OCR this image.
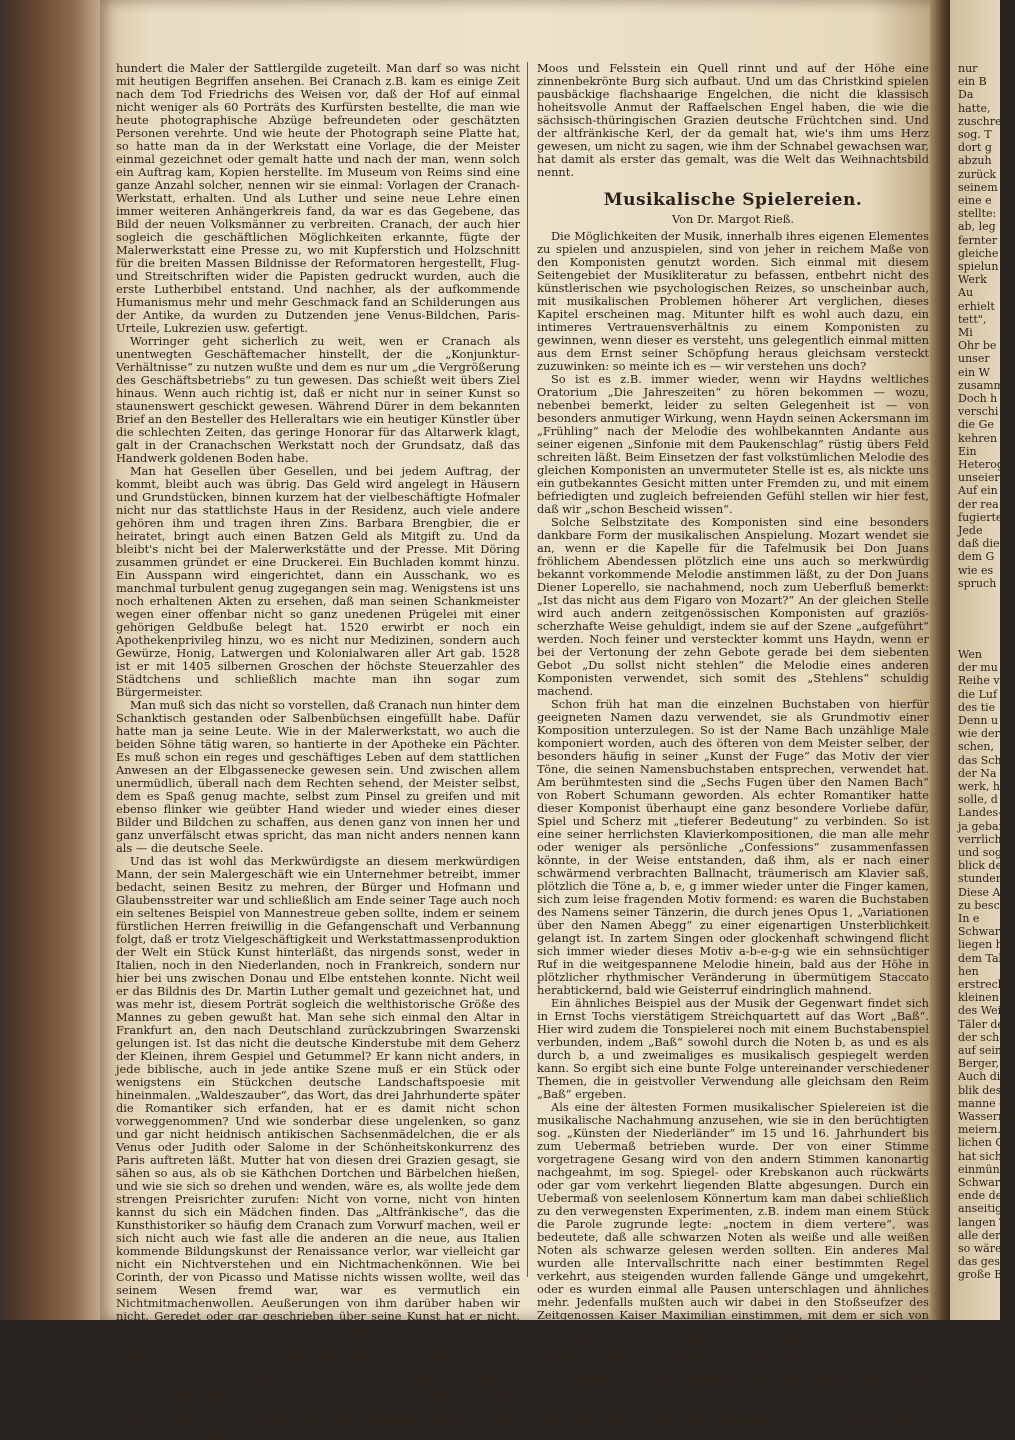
nur
ein B
Da
hatte,
zuschre
sog. T
dort g
abzuh
zurück
seinem
eine e
stellte:
ab, leg
fernter
gleiche
spielun
Werk
Au
erhielt
tett",
Mi
Ohr be
unser
ein W
zusamm
Doch h
verschi
die Ge
kehren
Ein
Heterog
unseier
Auf ein
der rea
fugierte
Jede
daß die
dem G
wie es
spruch
Wen
der mu
Reihe v
die Luf
des tie
Denn u
wie der
schen,
das Sch
der Na
werk, h
solle, d
Landes-
ja gebar
verrlich
und sog
blick de
stunden
Diese A
zu besch
In e
Schwarz
liegen h
dem Tal
hen
erstreckt
kleinen
des Wei
Täler de
der schon
auf sein
Berger,
Auch die
blik des
manne d
Wassermu
meiern.
lichen C
hat sich
einmünde
Schwarz
ende des
anseitig,
langen T
alle der
so wäre
das gespe
große Ein

hundert die Maler der Sattlergilde zugeteilt. Man darf so was nicht mit heutigen Begriffen ansehen. Bei Cranach z.B. kam es einige Zeit nach dem Tod Friedrichs des Weisen vor, daß der Hof auf einmal nicht weniger als 60 Porträts des Kurfürsten bestellte, die man wie heute photographische Abzüge befreundeten oder geschätzten Personen verehrte. Und wie heute der Photograph seine Platte hat, so hatte man da in der Werkstatt eine Vorlage, die der Meister einmal gezeichnet oder gemalt hatte und nach der man, wenn solch ein Auftrag kam, Kopien herstellte. Im Museum von Reims sind eine ganze Anzahl solcher, nennen wir sie einmal: Vorlagen der Cranach-Werkstatt, erhalten. Und als Luther und seine neue Lehre einen immer weiteren Anhängerkreis fand, da war es das Gegebene, das Bild der neuen Volksmänner zu verbreiten. Cranach, der auch hier sogleich die geschäftlichen Möglichkeiten erkannte, fügte der Malerwerkstatt eine Presse zu, wo mit Kupferstich und Holzschnitt für die breiten Massen Bildnisse der Reformatoren hergestellt, Flug- und Streitschriften wider die Papisten gedruckt wurden, auch die erste Lutherbibel entstand. Und nachher, als der aufkommende Humanismus mehr und mehr Geschmack fand an Schilderungen aus der Antike, da wurden zu Dutzenden jene Venus-Bildchen, Paris-Urteile, Lukrezien usw. gefertigt.

Worringer geht sicherlich zu weit, wen er Cranach als unentwegten Geschäftemacher hinstellt, der die „Konjunktur-Verhältnisse“ zu nutzen wußte und dem es nur um „die Vergrößerung des Geschäftsbetriebs“ zu tun gewesen. Das schießt weit übers Ziel hinaus. Wenn auch richtig ist, daß er nicht nur in seiner Kunst so staunenswert geschickt gewesen. Während Dürer in dem bekannten Brief an den Besteller des Helleraltars wie ein heutiger Künstler über die schlechten Zeiten, das geringe Honorar für das Altarwerk klagt, galt in der Cranachschen Werkstatt noch der Grundsatz, daß das Handwerk goldenen Boden habe.

Man hat Gesellen über Gesellen, und bei jedem Auftrag, der kommt, bleibt auch was übrig. Das Geld wird angelegt in Häusern und Grundstücken, binnen kurzem hat der vielbeschäftigte Hofmaler nicht nur das stattlichste Haus in der Residenz, auch viele andere gehören ihm und tragen ihren Zins. Barbara Brengbier, die er heiratet, bringt auch einen Batzen Geld als Mitgift zu. Und da bleibt's nicht bei der Malerwerkstätte und der Presse. Mit Döring zusammen gründet er eine Druckerei. Ein Buchladen kommt hinzu. Ein Ausspann wird eingerichtet, dann ein Ausschank, wo es manchmal turbulent genug zugegangen sein mag. Wenigstens ist uns noch erhaltenen Akten zu ersehen, daß man seinen Schankmeister wegen einer offenbar nicht so ganz unedenen Prügelei mit einer gehörigen Geldbuße belegt hat. 1520 erwirbt er noch ein Apothekenprivileg hinzu, wo es nicht nur Medizinen, sondern auch Gewürze, Honig, Latwergen und Kolonialwaren aller Art gab. 1528 ist er mit 1405 silbernen Groschen der höchste Steuerzahler des Städtchens und schließlich machte man ihn sogar zum Bürgermeister.

Man muß sich das nicht so vorstellen, daß Cranach nun hinter dem Schanktisch gestanden oder Salbenbüchsen eingefüllt habe. Dafür hatte man ja seine Leute. Wie in der Malerwerkstatt, wo auch die beiden Söhne tätig waren, so hantierte in der Apotheke ein Pächter. Es muß schon ein reges und geschäftiges Leben auf dem stattlichen Anwesen an der Elbgassenecke gewesen sein. Und zwischen allem unermüdlich, überall nach dem Rechten sehend, der Meister selbst, dem es Spaß genug machte, selbst zum Pinsel zu greifen und mit ebenso flinker wie geübter Hand wieder und wieder eines dieser Bilder und Bildchen zu schaffen, aus denen ganz von innen her und ganz unverfälscht etwas spricht, das man nicht anders nennen kann als — die deutsche Seele.

Und das ist wohl das Merkwürdigste an diesem merkwürdigen Mann, der sein Malergeschäft wie ein Unternehmer betreibt, immer bedacht, seinen Besitz zu mehren, der Bürger und Hofmann und Glaubensstreiter war und schließlich am Ende seiner Tage auch noch ein seltenes Beispiel von Mannestreue geben sollte, indem er seinem fürstlichen Herren freiwillig in die Gefangenschaft und Verbannung folgt, daß er trotz Vielgeschäftigkeit und Werkstattmassenproduktion der Welt ein Stück Kunst hinterläßt, das nirgends sonst, weder in Italien, noch in den Niederlanden, noch in Frankreich, sondern nur hier bei uns zwischen Donau und Elbe entstehen konnte. Nicht weil er das Bildnis des Dr. Martin Luther gemalt und gezeichnet hat, und was mehr ist, diesem Porträt sogleich die welthistorische Größe des Mannes zu geben gewußt hat. Man sehe sich einmal den Altar in Frankfurt an, den nach Deutschland zurückzubringen Swarzenski gelungen ist. Ist das nicht die deutsche Kinderstube mit dem Geherz der Kleinen, ihrem Gespiel und Getummel? Er kann nicht anders, in jede biblische, auch in jede antike Szene muß er ein Stück oder wenigstens ein Stückchen deutsche Landschaftspoesie mit hineinmalen. „Waldeszauber“, das Wort, das drei Jahrhunderte später die Romantiker sich erfanden, hat er es damit nicht schon vorweggenommen? Und wie sonderbar diese ungelenken, so ganz und gar nicht heidnisch antikischen Sachsenmädelchen, die er als Venus oder Judith oder Salome in der Schönheitskonkurrenz des Paris auftreten läßt. Mutter hat von diesen drei Grazien gesagt, sie sähen so aus, als ob sie Käthchen Dortchen und Bärbelchen hießen, und wie sie sich so drehen und wenden, wäre es, als wollte jede dem strengen Preisrichter zurufen: Nicht von vorne, nicht von hinten kannst du sich ein Mädchen finden. Das „Altfränkische“, das die Kunsthistoriker so häufig dem Cranach zum Vorwurf machen, weil er sich nicht auch wie fast alle die anderen an die neue, aus Italien kommende Bildungskunst der Renaissance verlor, war vielleicht gar nicht ein Nichtverstehen und ein Nichtmachenkönnen. Wie bei Corinth, der von Picasso und Matisse nichts wissen wollte, weil das seinem Wesen fremd war, war es vermutlich ein Nichtmitmachenwollen. Aeußerungen von ihm darüber haben wir nicht. Geredet oder gar geschrieben über seine Kunst hat er nicht. Aber sieht man sein Werk, so will es einem scheinen, als ob er, der stattliche Mann, der so fest und sicher in seiner Welt drin stand, mitunter bei sich gedacht habe: „Mag sein, daß es etwas Großes ist um die Schönheit, die die Italiener jetzt wieder gefunden haben, aber für mich ist das nichts. Mich muß man schon so verbrauchen, wie ich nun mal gewachsen bin.“ Und dann hat er die mit dem hl. Joseph nach Aegypten fliehende Gottesmutter nicht im Wüstensand unter Palmen ruhen lassen, sondern unter einer Weihnachtstanne an einem Hang, wo zwischen

Moos und Felsstein ein Quell rinnt und auf der Höhe eine zinnenbekrönte Burg sich aufbaut. Und um das Christkind spielen pausbäckige flachshaarige Engelchen, die nicht die klassisch hoheitsvolle Anmut der Raffaelschen Engel haben, die wie die sächsisch-thüringischen Grazien deutsche Früchtchen sind. Und der altfränkische Kerl, der da gemalt hat, wie's ihm ums Herz gewesen, um nicht zu sagen, wie ihm der Schnabel gewachsen war, hat damit als erster das gemalt, was die Welt das Weihnachtsbild nennt.

Musikalische Spielereien.
Von Dr. Margot Rieß.

Die Möglichkeiten der Musik, innerhalb ihres eigenen Elementes zu spielen und anzuspielen, sind von jeher in reichem Maße von den Komponisten genutzt worden. Sich einmal mit diesem Seitengebiet der Musikliteratur zu befassen, entbehrt nicht des künstlerischen wie psychologischen Reizes, so unscheinbar auch, mit musikalischen Problemen höherer Art verglichen, dieses Kapitel erscheinen mag. Mitunter hilft es wohl auch dazu, ein intimeres Vertrauensverhältnis zu einem Komponisten zu gewinnen, wenn dieser es versteht, uns gelegentlich einmal mitten aus dem Ernst seiner Schöpfung heraus gleichsam versteckt zuzuwinken: so meinte ich es — wir verstehen uns doch?

So ist es z.B. immer wieder, wenn wir Haydns weltliches Oratorium „Die Jahreszeiten“ zu hören bekommen — wozu, nebenbei bemerkt, leider zu selten Gelegenheit ist — von besonders anmutiger Wirkung, wenn Haydn seinen Ackersmann im „Frühling“ nach der Melodie des wohlbekannten Andante aus seiner eigenen „Sinfonie mit dem Paukenschlag“ rüstig übers Feld schreiten läßt. Beim Einsetzen der fast volkstümlichen Melodie des gleichen Komponisten an unvermuteter Stelle ist es, als nickte uns ein gutbekanntes Gesicht mitten unter Fremden zu, und mit einem befriedigten und zugleich befreienden Gefühl stellen wir hier fest, daß wir „schon Bescheid wissen“.

Solche Selbstzitate des Komponisten sind eine besonders dankbare Form der musikalischen Anspielung. Mozart wendet sie an, wenn er die Kapelle für die Tafelmusik bei Don Juans fröhlichem Abendessen plötzlich eine uns auch so merkwürdig bekannt vorkommende Melodie anstimmen läßt, zu der Don Juans Diener Loperello, sie nachahmend, noch zum Ueberfluß bemerkt: „Ist das nicht aus dem Figaro von Mozart?“ An der gleichen Stelle wird auch andern zeitgenössischen Komponisten auf graziös-scherzhafte Weise gehuldigt, indem sie auf der Szene „aufgeführt“ werden. Noch feiner und versteckter kommt uns Haydn, wenn er bei der Vertonung der zehn Gebote gerade bei dem siebenten Gebot „Du sollst nicht stehlen“ die Melodie eines anderen Komponisten verwendet, sich somit des „Stehlens“ schuldig machend.

Schon früh hat man die einzelnen Buchstaben von hierfür geeigneten Namen dazu verwendet, sie als Grundmotiv einer Komposition unterzulegen. So ist der Name Bach unzählige Male komponiert worden, auch des öfteren von dem Meister selber, der besonders häufig in seiner „Kunst der Fuge“ das Motiv der vier Töne, die seinen Namensbuchstaben entsprechen, verwendet hat. Am berühmtesten sind die „Sechs Fugen über den Namen Bach“ von Robert Schumann geworden. Als echter Romantiker hatte dieser Komponist überhaupt eine ganz besondere Vorliebe dafür, Spiel und Scherz mit „tieferer Bedeutung“ zu verbinden. So ist eine seiner herrlichsten Klavierkompositionen, die man alle mehr oder weniger als persönliche „Confessions“ zusammenfassen könnte, in der Weise entstanden, daß ihm, als er nach einer schwärmend verbrachten Ballnacht, träumerisch am Klavier saß, plötzlich die Töne a, b, e, g immer wieder unter die Finger kamen, sich zum leise fragenden Motiv formend: es waren die Buchstaben des Namens seiner Tänzerin, die durch jenes Opus 1, „Variationen über den Namen Abegg“ zu einer eigenartigen Unsterblichkeit gelangt ist. In zartem Singen oder glockenhaft schwingend flicht sich immer wieder dieses Motiv a-b-e-g-g wie ein sehnsüchtiger Ruf in die weitgespannene Melodie hinein, bald aus der Höhe in plötzlicher rhythmischer Veränderung in übermütigem Staccato herabtickernd, bald wie Geisterruf eindringlich mahnend.

Ein ähnliches Beispiel aus der Musik der Gegenwart findet sich in Ernst Tochs vierstätigem Streichquartett auf das Wort „Baß“. Hier wird zudem die Tonspielerei noch mit einem Buchstabenspiel verbunden, indem „Baß“ sowohl durch die Noten b, as und es als durch b, a und zweimaliges es musikalisch gespiegelt werden kann. So ergibt sich eine bunte Folge untereinander verschiedener Themen, die in geistvoller Verwendung alle gleichsam den Reim „Baß“ ergeben.

Als eine der ältesten Formen musikalischer Spielereien ist die musikalische Nachahmung anzusehen, wie sie in den berüchtigten sog. „Künsten der Niederländer“ im 15 und 16. Jahrhundert bis zum Uebermaß betrieben wurde. Der von einer Stimme vorgetragene Gesang wird von den andern Stimmen kanonartig nachgeahmt, im sog. Spiegel- oder Krebskanon auch rückwärts oder gar vom verkehrt liegenden Blatte abgesungen. Durch ein Uebermaß von seelenlosem Könnertum kam man dabei schließlich zu den verwegensten Experimenten, z.B. indem man einem Stück die Parole zugrunde legte: „noctem in diem vertere“, was bedeutete, daß alle schwarzen Noten als weiße und alle weißen Noten als schwarze gelesen werden sollten. Ein anderes Mal wurden alle Intervallschritte nach einer bestimmten Regel verkehrt, aus steigenden wurden fallende Gänge und umgekehrt, oder es wurden einmal alle Pausen unterschlagen und ähnliches mehr. Jedenfalls mußten auch wir dabei in den Stoßseufzer des Zeitgenossen Kaiser Maximilian einstimmen, mit dem er sich von diesen übertriebenen Spielereien der Komponisten ermüdet abwendet: „Sie lesen anders denn geschrieben, sie singen anders, denn genotieret, sie reden anders, denn ihnen ums Herz.“

Einen rückwärts zu lesenden Kanon für drei Stimmen hat selbst noch Haydn als professionellen kontrapunktischen Kunststück der Universität Oxford zum Dank für seine Ernennung zum Doctor honoris causa gesandt. Ueberhaupt kommen wir bei den verschiedensten Arten der musikalischen Spielereien immer wieder auf Haydn, dessen frohe Laune — die freilich
